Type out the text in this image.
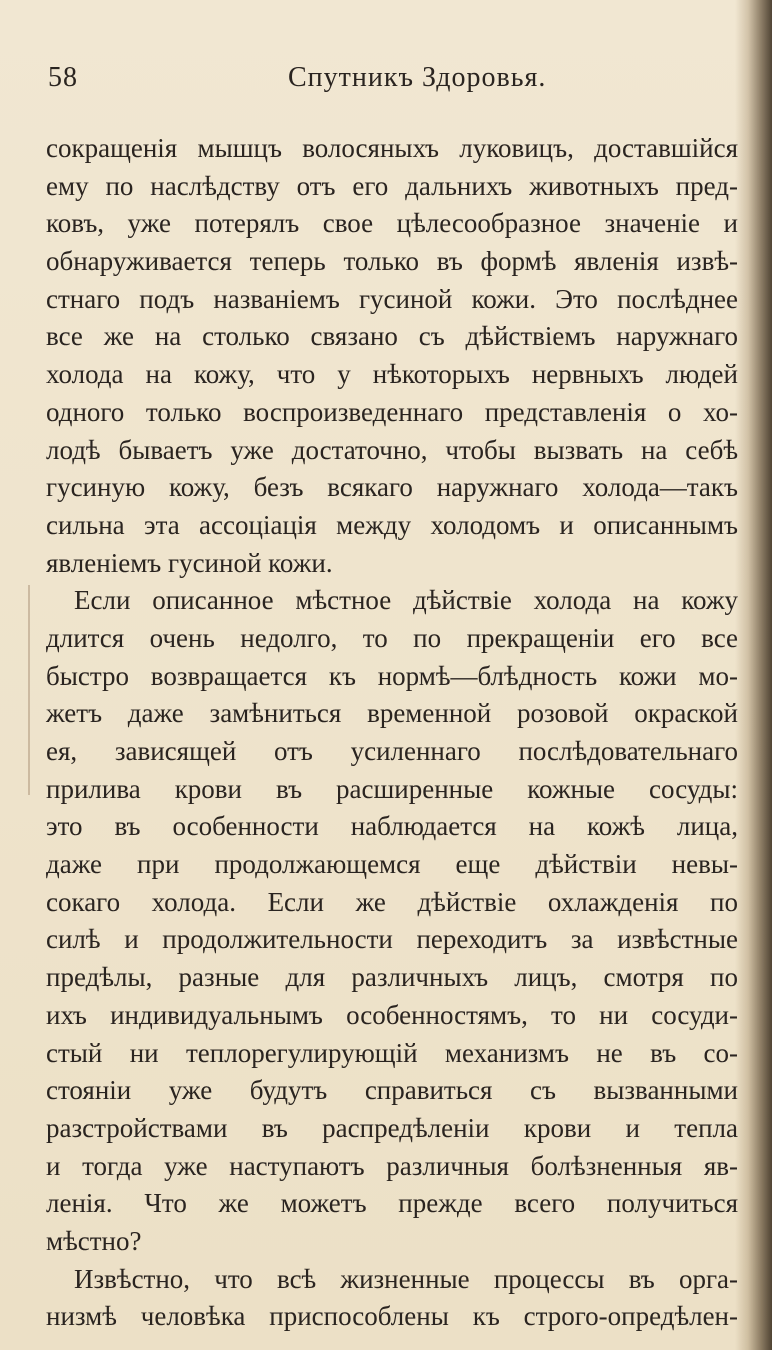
58	Спутникъ Здоровья.
сокращенія мышцъ волосяныхъ луковицъ, доставшійся
ему по наслѣдству отъ его дальнихъ животныхъ пред-
ковъ, уже потерялъ свое цѣлесообразное значеніе и
обнаруживается теперь только въ формѣ явленія извѣ-
стнаго подъ названіемъ гусиной кожи. Это послѣднее
все же на столько связано съ дѣйствіемъ наружнаго
холода на кожу, что у нѣкоторыхъ нервныхъ людей
одного только воспроизведеннаго представленія о хо-
лодѣ бываетъ уже достаточно, чтобы вызвать на себѣ
гусиную кожу, безъ всякаго наружнаго холода—такъ
сильна эта ассоціація между холодомъ и описаннымъ
явленіемъ гусиной кожи.
Если описанное мѣстное дѣйствіе холода на кожу
длится очень недолго, то по прекращеніи его все
быстро возвращается къ нормѣ—блѣдность кожи мо-
жетъ даже замѣниться временной розовой окраской
ея, зависящей отъ усиленнаго послѣдовательнаго
прилива крови въ расширенные кожные сосуды:
это въ особенности наблюдается на кожѣ лица,
даже при продолжающемся еще дѣйствіи невы-
сокаго холода. Если же дѣйствіе охлажденія по
силѣ и продолжительности переходитъ за извѣстные
предѣлы, разные для различныхъ лицъ, смотря по
ихъ индивидуальнымъ особенностямъ, то ни сосуди-
стый ни теплорегулирующій механизмъ не въ со-
стояніи уже будутъ справиться съ вызванными
разстройствами въ распредѣленіи крови и тепла
и тогда уже наступаютъ различныя болѣзненныя яв-
ленія. Что же можетъ прежде всего получиться
мѣстно?
Извѣстно, что всѣ жизненные процессы въ орга-
низмѣ человѣка приспособлены къ строго-опредѣлен-
